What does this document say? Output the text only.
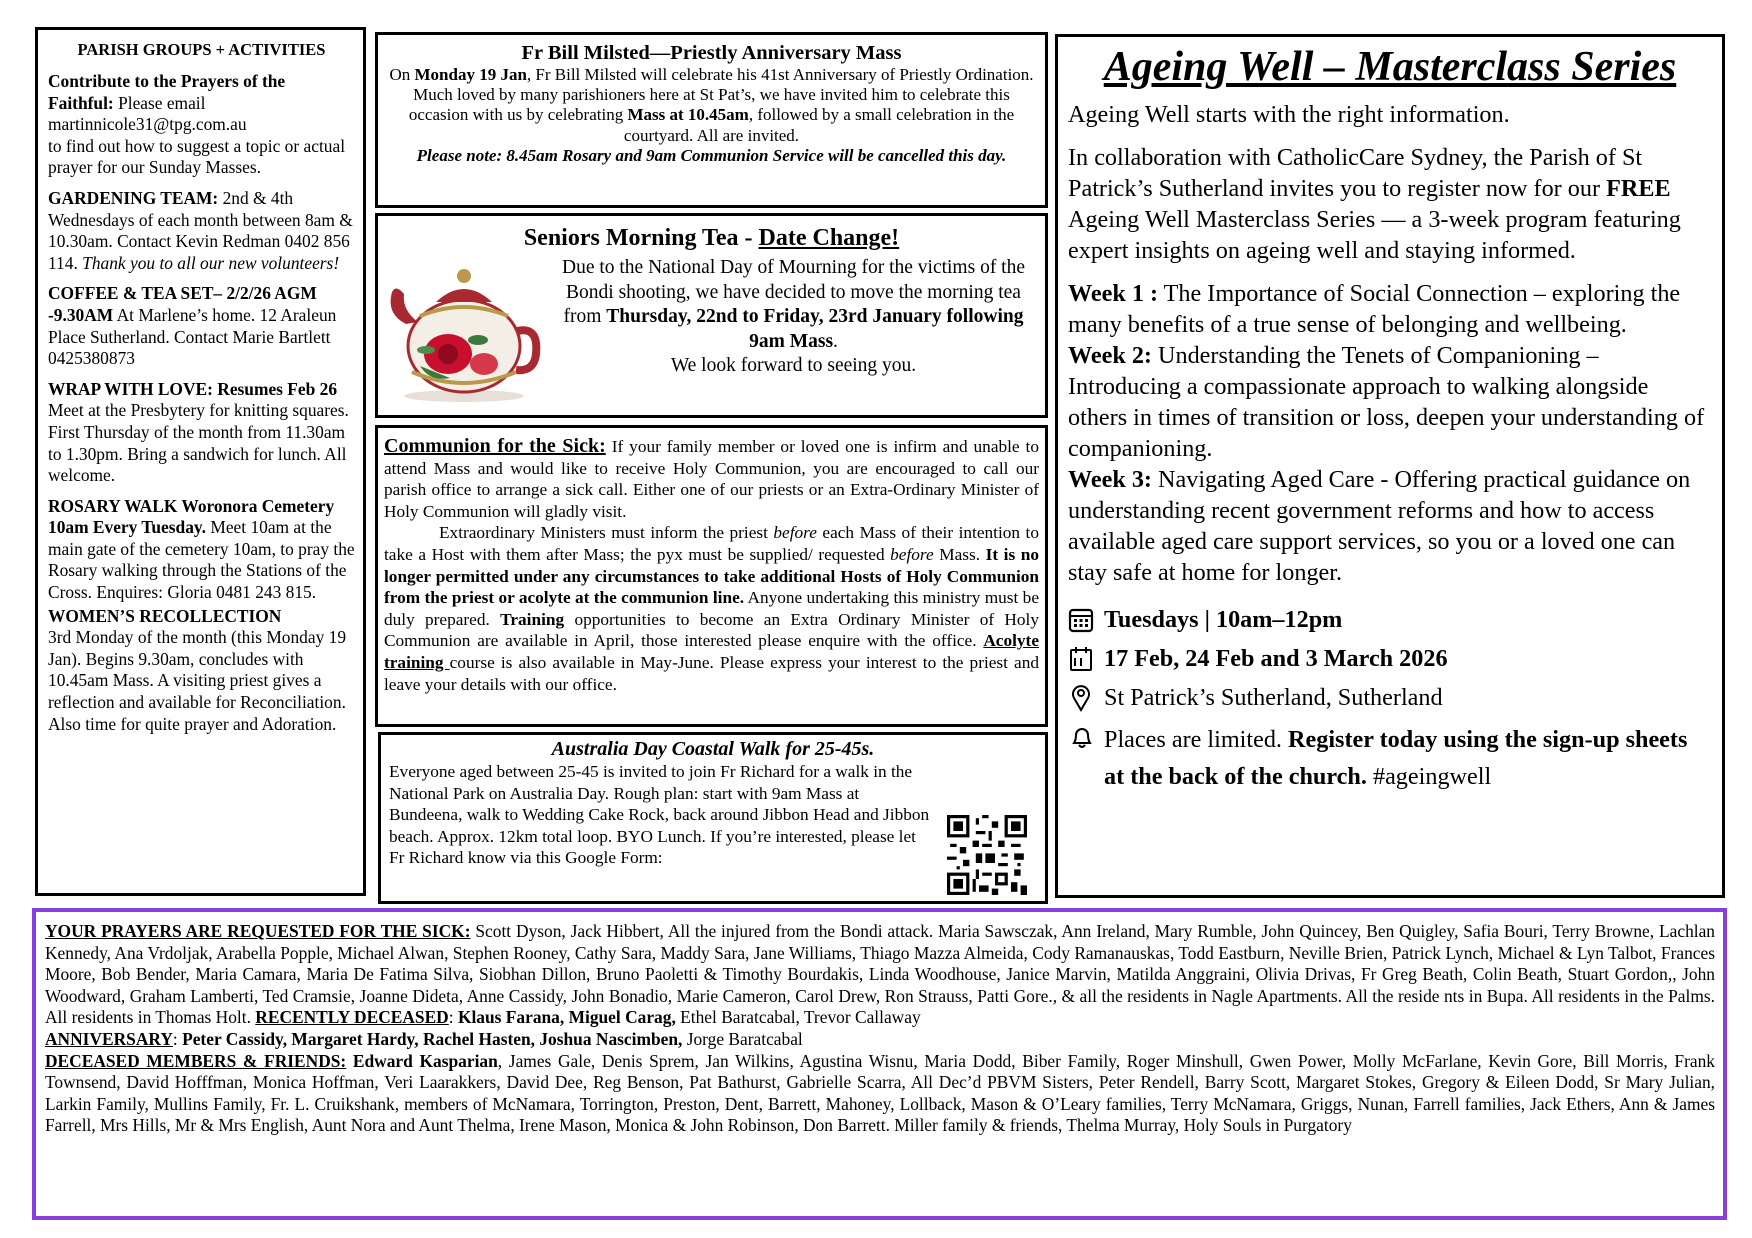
PARISH GROUPS + ACTIVITIES
Contribute to the Prayers of the Faithful: Please email
martinnicole31@tpg.com.au
to find out how to suggest a topic or actual prayer for our Sunday Masses.
GARDENING TEAM: 2nd & 4th Wednesdays of each month between 8am & 10.30am. Contact Kevin Redman 0402 856 114. Thank you to all our new volunteers!
COFFEE & TEA SET– 2/2/26 AGM -9.30AM At Marlene’s home. 12 Araleun Place Sutherland. Contact Marie Bartlett 0425380873
WRAP WITH LOVE: Resumes Feb 26 Meet at the Presbytery for knitting squares. First Thursday of the month from 11.30am to 1.30pm. Bring a sandwich for lunch. All welcome.
ROSARY WALK Woronora Cemetery 10am Every Tuesday. Meet 10am at the main gate of the cemetery 10am, to pray the Rosary walking through the Stations of the Cross. Enquires: Gloria 0481 243 815.
WOMEN’S RECOLLECTION
3rd Monday of the month (this Monday 19 Jan). Begins 9.30am, concludes with 10.45am Mass. A visiting priest gives a reflection and available for Reconciliation. Also time for quite prayer and Adoration.
Fr Bill Milsted—Priestly Anniversary Mass

On Monday 19 Jan, Fr Bill Milsted will celebrate his 41st Anniversary of Priestly Ordination. Much loved by many parishioners here at St Pat’s, we have invited him to celebrate this occasion with us by celebrating Mass at 10.45am, followed by a small celebration in the courtyard. All are invited.

Please note: 8.45am Rosary and 9am Communion Service will be cancelled this day.

Seniors Morning Tea - Date Change!
Due to the National Day of Mourning for the victims of the Bondi shooting, we have decided to move the morning tea from Thursday, 22nd to Friday, 23rd January following 9am Mass.
We look forward to seeing you.

Communion for the Sick: If your family member or loved one is infirm and unable to attend Mass and would like to receive Holy Communion, you are encouraged to call our parish office to arrange a sick call. Either one of our priests or an Extra-Ordinary Minister of Holy Communion will gladly visit.

Extraordinary Ministers must inform the priest before each Mass of their intention to take a Host with them after Mass; the pyx must be supplied/ requested before Mass. It is no longer permitted under any circumstances to take additional Hosts of Holy Communion from the priest or acolyte at the communion line. Anyone undertaking this ministry must be duly prepared. Training opportunities to become an Extra Ordinary Minister of Holy Communion are available in April, those interested please enquire with the office. Acolyte training course is also available in May-June. Please express your interest to the priest and leave your details with our office.

Australia Day Coastal Walk for 25-45s.
Everyone aged between 25-45 is invited to join Fr Richard for a walk in the National Park on Australia Day. Rough plan: start with 9am Mass at Bundeena, walk to Wedding Cake Rock, back around Jibbon Head and Jibbon beach. Approx. 12km total loop. BYO Lunch. If you’re interested, please let Fr Richard know via this Google Form:
Ageing Well – Masterclass Series

Ageing Well starts with the right information.

In collaboration with CatholicCare Sydney, the Parish of St Patrick’s Sutherland invites you to register now for our FREE Ageing Well Masterclass Series — a 3-week program featuring expert insights on ageing well and staying informed.

Week 1 : The Importance of Social Connection – exploring the many benefits of a true sense of belonging and wellbeing.

Week 2: Understanding the Tenets of Companioning – Introducing a compassionate approach to walking alongside others in times of transition or loss, deepen your understanding of companioning.

Week 3: Navigating Aged Care - Offering practical guidance on understanding recent government reforms and how to access available aged care support services, so you or a loved one can stay safe at home for longer.

Tuesdays | 10am–12pm
17 Feb, 24 Feb and 3 March 2026
St Patrick’s Sutherland, Sutherland

Places are limited. Register today using the sign-up sheets at the back of the church. #ageingwell

YOUR PRAYERS ARE REQUESTED FOR THE SICK: Scott Dyson, Jack Hibbert, All the injured from the Bondi attack. Maria Sawsczak, Ann Ireland, Mary Rumble, John Quincey, Ben Quigley, Safia Bouri, Terry Browne, Lachlan Kennedy, Ana Vrdoljak, Arabella Popple, Michael Alwan, Stephen Rooney, Cathy Sara, Maddy Sara, Jane Williams, Thiago Mazza Almeida, Cody Ramanauskas, Todd Eastburn, Neville Brien, Patrick Lynch, Michael & Lyn Talbot, Frances Moore, Bob Bender, Maria Camara, Maria De Fatima Silva, Siobhan Dillon, Bruno Paoletti & Timothy Bourdakis, Linda Woodhouse, Janice Marvin, Matilda Anggraini, Olivia Drivas, Fr Greg Beath, Colin Beath, Stuart Gordon,, John Woodward, Graham Lamberti, Ted Cramsie, Joanne Dideta, Anne Cassidy, John Bonadio, Marie Cameron, Carol Drew, Ron Strauss, Patti Gore., & all the residents in Nagle Apartments. All the reside nts in Bupa. All residents in the Palms. All residents in Thomas Holt. RECENTLY DECEASED: Klaus Farana, Miguel Carag, Ethel Baratcabal, Trevor Callaway

ANNIVERSARY: Peter Cassidy, Margaret Hardy, Rachel Hasten, Joshua Nascimben, Jorge Baratcabal

DECEASED MEMBERS & FRIENDS: Edward Kasparian, James Gale, Denis Sprem, Jan Wilkins, Agustina Wisnu, Maria Dodd, Biber Family, Roger Minshull, Gwen Power, Molly McFarlane, Kevin Gore, Bill Morris, Frank Townsend, David Hofffman, Monica Hoffman, Veri Laarakkers, David Dee, Reg Benson, Pat Bathurst, Gabrielle Scarra, All Dec’d PBVM Sisters, Peter Rendell, Barry Scott, Margaret Stokes, Gregory & Eileen Dodd, Sr Mary Julian, Larkin Family, Mullins Family, Fr. L. Cruikshank, members of McNamara, Torrington, Preston, Dent, Barrett, Mahoney, Lollback, Mason & O’Leary families, Terry McNamara, Griggs, Nunan, Farrell families, Jack Ethers, Ann & James Farrell, Mrs Hills, Mr & Mrs English, Aunt Nora and Aunt Thelma, Irene Mason, Monica & John Robinson, Don Barrett. Miller family & friends, Thelma Murray, Holy Souls in Purgatory
